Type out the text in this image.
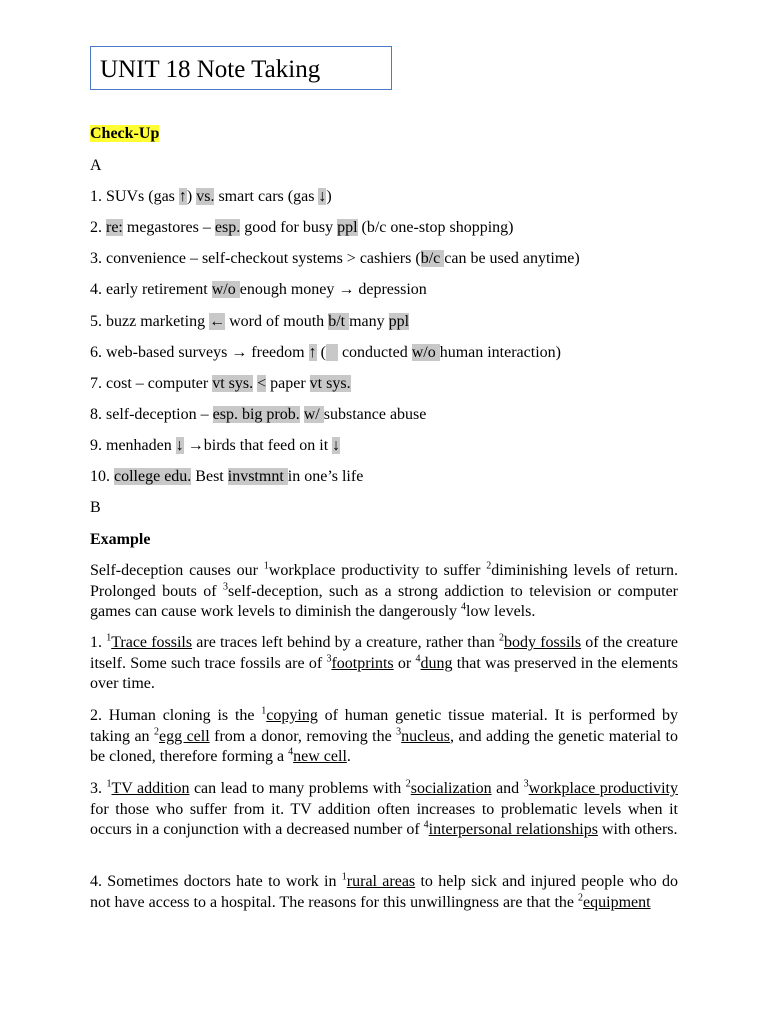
UNIT 18 Note Taking
Check-Up
A
1. SUVs (gas ↑) vs. smart cars (gas ↓)
2. re: megastores – esp. good for busy ppl (b/c one-stop shopping)
3. convenience – self-checkout systems > cashiers (b/c can be used anytime)
4. early retirement w/o enough money → depression
5. buzz marketing ← word of mouth b/t many ppl
6. web-based surveys → freedom ↑ (    conducted w/o human interaction)
7. cost – computer vt sys. < paper vt sys.
8. self-deception – esp. big prob. w/ substance abuse
9. menhaden ↓ →birds that feed on it ↓
10. college edu. Best invstmnt in one’s life
B
Example
Self-deception causes our $^1$workplace productivity to suffer $^2$diminishing levels of return. Prolonged bouts of $^3$self-deception, such as a strong addiction to television or computer games can cause work levels to diminish the dangerously $^4$low levels.
1. $^1$Trace fossils are traces left behind by a creature, rather than $^2$body fossils of the creature itself. Some such trace fossils are of $^3$footprints or $^4$dung that was preserved in the elements over time.
2. Human cloning is the $^1$copying of human genetic tissue material. It is performed by taking an $^2$egg cell from a donor, removing the $^3$nucleus, and adding the genetic material to be cloned, therefore forming a $^4$new cell.
3. $^1$TV addition can lead to many problems with $^2$socialization and $^3$workplace productivity for those who suffer from it. TV addition often increases to problematic levels when it occurs in a conjunction with a decreased number of $^4$interpersonal relationships with others.
4. Sometimes doctors hate to work in $^1$rural areas to help sick and injured people who do not have access to a hospital. The reasons for this unwillingness are that the $^2$equipment
